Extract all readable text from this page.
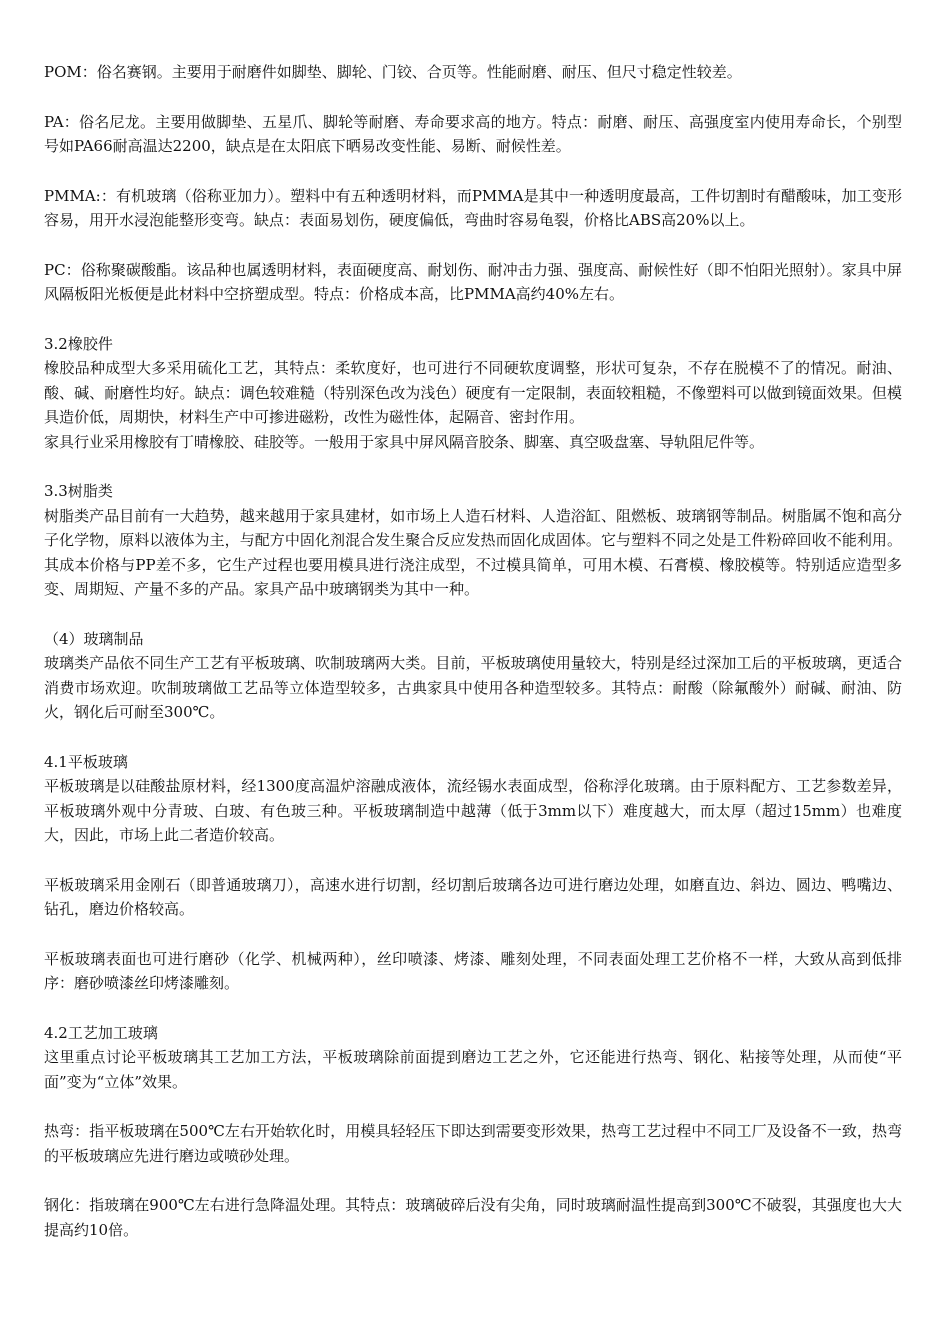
POM：俗名赛钢。主要用于耐磨件如脚垫、脚轮、门铰、合页等。性能耐磨、耐压、但尺寸稳定性较差。

PA：俗名尼龙。主要用做脚垫、五星爪、脚轮等耐磨、寿命要求高的地方。特点：耐磨、耐压、高强度室内使用寿命长，个别型号如PA66耐高温达2200，缺点是在太阳底下晒易改变性能、易断、耐候性差。

PMMA:：有机玻璃（俗称亚加力）。塑料中有五种透明材料，而PMMA是其中一种透明度最高，工件切割时有醋酸味，加工变形容易，用开水浸泡能整形变弯。缺点：表面易划伤，硬度偏低，弯曲时容易龟裂，价格比ABS高20%以上。

PC：俗称聚碳酸酯。该品种也属透明材料，表面硬度高、耐划伤、耐冲击力强、强度高、耐候性好（即不怕阳光照射）。家具中屏风隔板阳光板便是此材料中空挤塑成型。特点：价格成本高，比PMMA高约40%左右。

3.2橡胶件

橡胶品种成型大多采用硫化工艺，其特点：柔软度好，也可进行不同硬软度调整，形状可复杂，不存在脱模不了的情况。耐油、酸、碱、耐磨性均好。缺点：调色较难糙（特别深色改为浅色）硬度有一定限制，表面较粗糙，不像塑料可以做到镜面效果。但模具造价低，周期快，材料生产中可掺进磁粉，改性为磁性体，起隔音、密封作用。

家具行业采用橡胶有丁晴橡胶、硅胶等。一般用于家具中屏风隔音胶条、脚塞、真空吸盘塞、导轨阻尼件等。

3.3树脂类

树脂类产品目前有一大趋势，越来越用于家具建材，如市场上人造石材料、人造浴缸、阻燃板、玻璃钢等制品。树脂属不饱和高分子化学物，原料以液体为主，与配方中固化剂混合发生聚合反应发热而固化成固体。它与塑料不同之处是工件粉碎回收不能利用。其成本价格与PP差不多，它生产过程也要用模具进行浇注成型，不过模具简单，可用木模、石膏模、橡胶模等。特别适应造型多变、周期短、产量不多的产品。家具产品中玻璃钢类为其中一种。

（4）玻璃制品

玻璃类产品依不同生产工艺有平板玻璃、吹制玻璃两大类。目前，平板玻璃使用量较大，特别是经过深加工后的平板玻璃，更适合消费市场欢迎。吹制玻璃做工艺品等立体造型较多，古典家具中使用各种造型较多。其特点：耐酸（除氟酸外）耐碱、耐油、防火，钢化后可耐至300℃。

4.1平板玻璃

平板玻璃是以硅酸盐原材料，经1300度高温炉溶融成液体，流经锡水表面成型，俗称浮化玻璃。由于原料配方、工艺参数差异，平板玻璃外观中分青玻、白玻、有色玻三种。平板玻璃制造中越薄（低于3mm以下）难度越大，而太厚（超过15mm）也难度大，因此，市场上此二者造价较高。

平板玻璃采用金刚石（即普通玻璃刀），高速水进行切割，经切割后玻璃各边可进行磨边处理，如磨直边、斜边、圆边、鸭嘴边、钻孔，磨边价格较高。

平板玻璃表面也可进行磨砂（化学、机械两种），丝印喷漆、烤漆、雕刻处理，不同表面处理工艺价格不一样，大致从高到低排序：磨砂喷漆丝印烤漆雕刻。

4.2工艺加工玻璃

这里重点讨论平板玻璃其工艺加工方法，平板玻璃除前面提到磨边工艺之外，它还能进行热弯、钢化、粘接等处理，从而使“平面”变为“立体”效果。

热弯：指平板玻璃在500℃左右开始软化时，用模具轻轻压下即达到需要变形效果，热弯工艺过程中不同工厂及设备不一致，热弯的平板玻璃应先进行磨边或喷砂处理。

钢化：指玻璃在900℃左右进行急降温处理。其特点：玻璃破碎后没有尖角，同时玻璃耐温性提高到300℃不破裂，其强度也大大提高约10倍。
